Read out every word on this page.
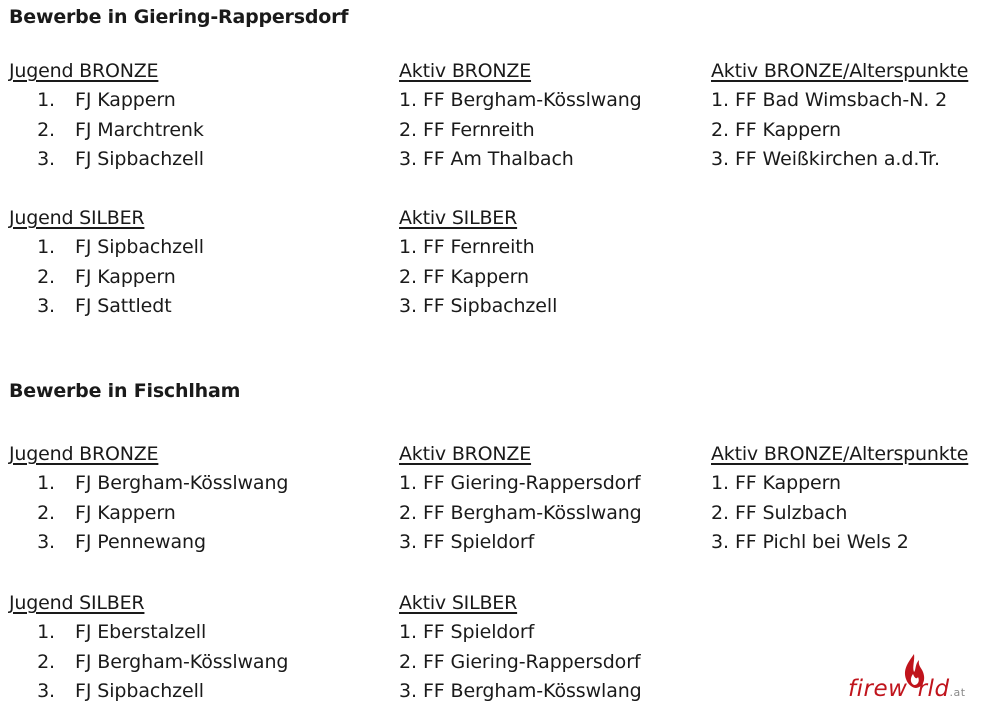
Bewerbe in Giering-Rappersdorf
Jugend BRONZE
1. FJ Kappern
2. FJ Marchtrenk
3. FJ Sipbachzell
Aktiv BRONZE
1. FF Bergham-Kösslwang
2. FF Fernreith
3. FF Am Thalbach
Aktiv BRONZE/Alterspunkte
1. FF Bad Wimsbach-N. 2
2. FF Kappern
3. FF Weißkirchen a.d.Tr.
Jugend SILBER
1. FJ Sipbachzell
2. FJ Kappern
3. FJ Sattledt
Aktiv SILBER
1. FF Fernreith
2. FF Kappern
3. FF Sipbachzell
Bewerbe in Fischlham
Jugend BRONZE
1. FJ Bergham-Kösslwang
2. FJ Kappern
3. FJ Pennewang
Aktiv BRONZE
1. FF Giering-Rappersdorf
2. FF Bergham-Kösslwang
3. FF Spieldorf
Aktiv BRONZE/Alterspunkte
1. FF Kappern
2. FF Sulzbach
3. FF Pichl bei Wels 2
Jugend SILBER
1. FJ Eberstalzell
2. FJ Bergham-Kösslwang
3. FJ Sipbachzell
Aktiv SILBER
1. FF Spieldorf
2. FF Giering-Rappersdorf
3. FF Bergham-Kösswlang	firew   rld.at
